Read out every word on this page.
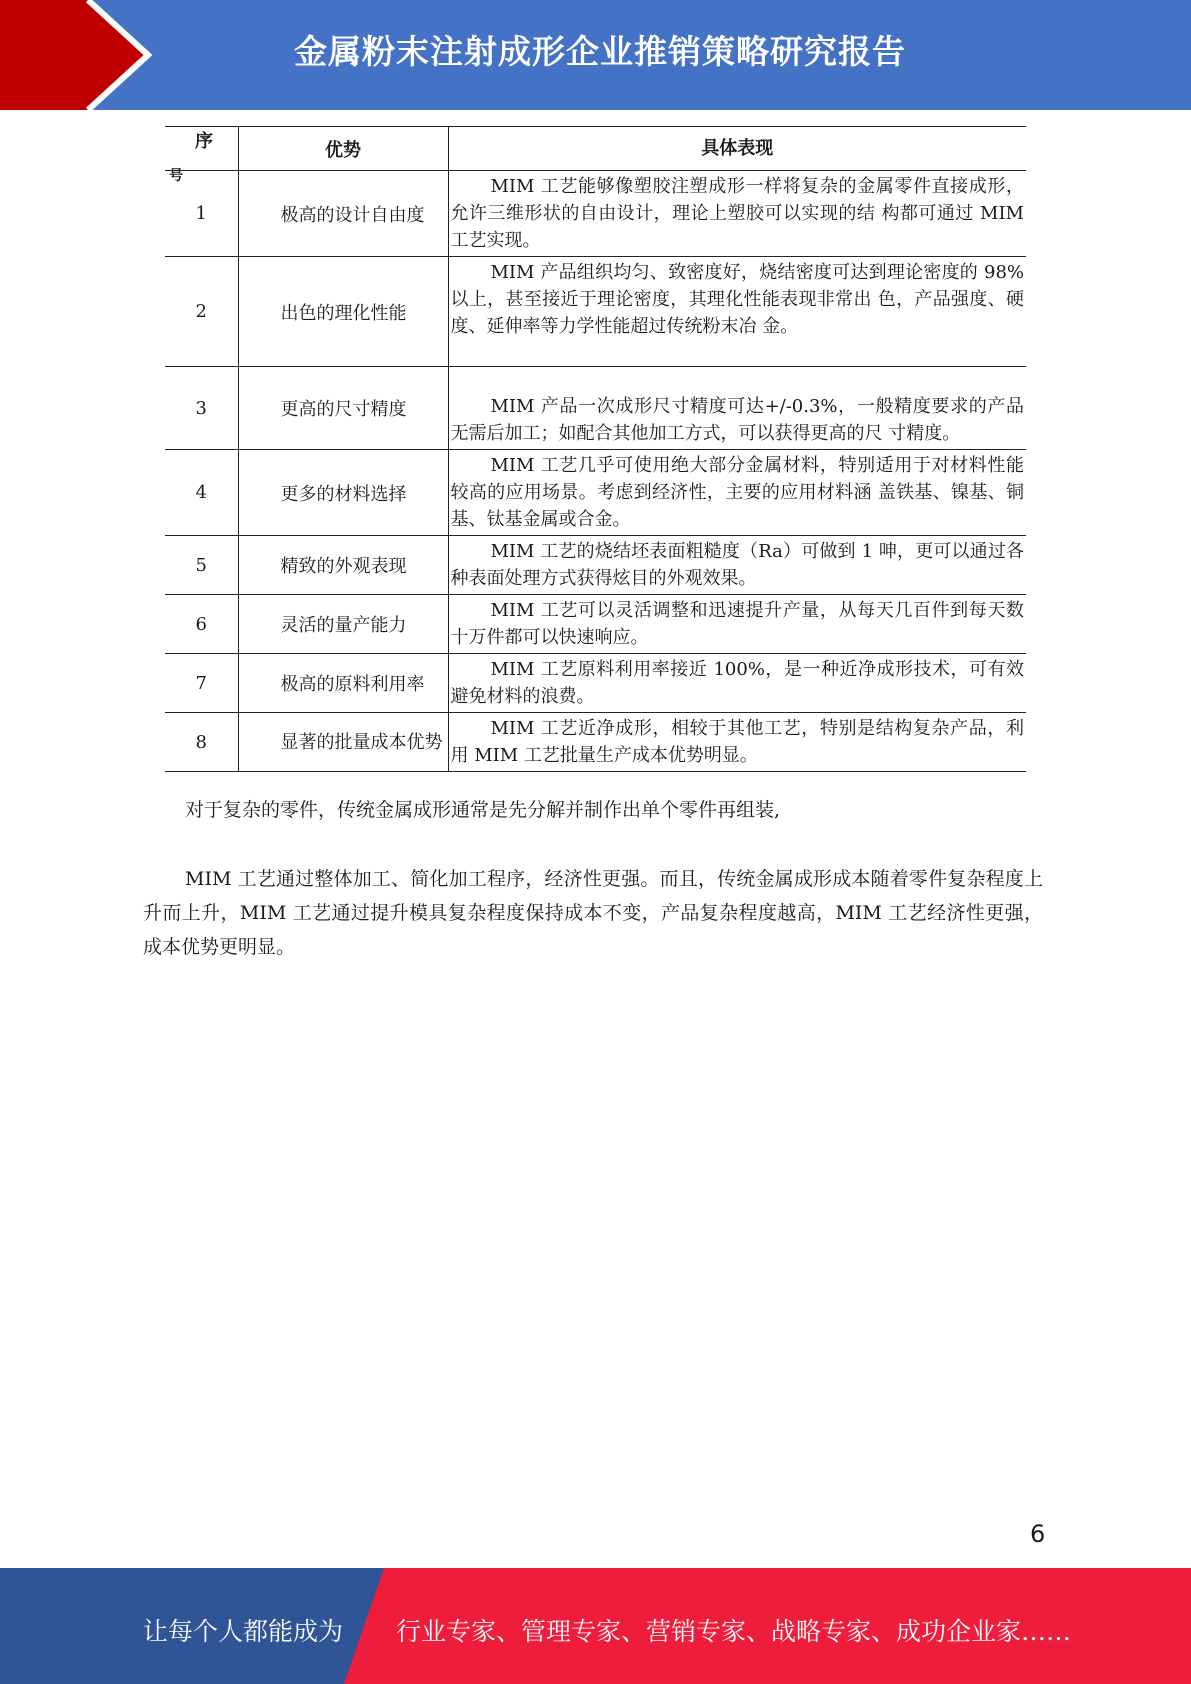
金属粉末注射成形企业推销策略研究报告
序
号	优势	具体表现
1	极高的设计自由度	MIM 工艺能够像塑胶注塑成形一样将复杂的金属零件直接成形，允许三维形状的自由设计，理论上塑胶可以实现的结 构都可通过 MIM 工艺实现。
2	出色的理化性能	MIM 产品组织均匀、致密度好，烧结密度可达到理论密度的 98%以上，甚至接近于理论密度，其理化性能表现非常出 色，产品强度、硬度、延伸率等力学性能超过传统粉末冶 金。
3	更高的尺寸精度	MIM 产品一次成形尺寸精度可达+/-0.3%，一般精度要求的产品无需后加工；如配合其他加工方式，可以获得更高的尺 寸精度。
4	更多的材料选择	MIM 工艺几乎可使用绝大部分金属材料，特别适用于对材料性能较高的应用场景。考虑到经济性，主要的应用材料涵 盖铁基、镍基、铜基、钛基金属或合金。
5	精致的外观表现	MIM 工艺的烧结坯表面粗糙度（Ra）可做到 1 呻，更可以通过各种表面处理方式获得炫目的外观效果。
6	灵活的量产能力	MIM 工艺可以灵活调整和迅速提升产量，从每天几百件到每天数十万件都可以快速响应。
7	极高的原料利用率	MIM 工艺原料利用率接近 100%，是一种近净成形技术，可有效避免材料的浪费。
8	显著的批量成本优势	MIM 工艺近净成形，相较于其他工艺，特别是结构复杂产品，利用 MIM 工艺批量生产成本优势明显。

对于复杂的零件，传统金属成形通常是先分解并制作出单个零件再组装,

MIM 工艺通过整体加工、简化加工程序，经济性更强。而且，传统金属成形成本随着零件复杂程度上升而上升，MIM 工艺通过提升模具复杂程度保持成本不变，产品复杂程度越高，MIM 工艺经济性更强，成本优势更明显。

6
让每个人都能成为 行业专家、管理专家、营销专家、战略专家、成功企业家……
